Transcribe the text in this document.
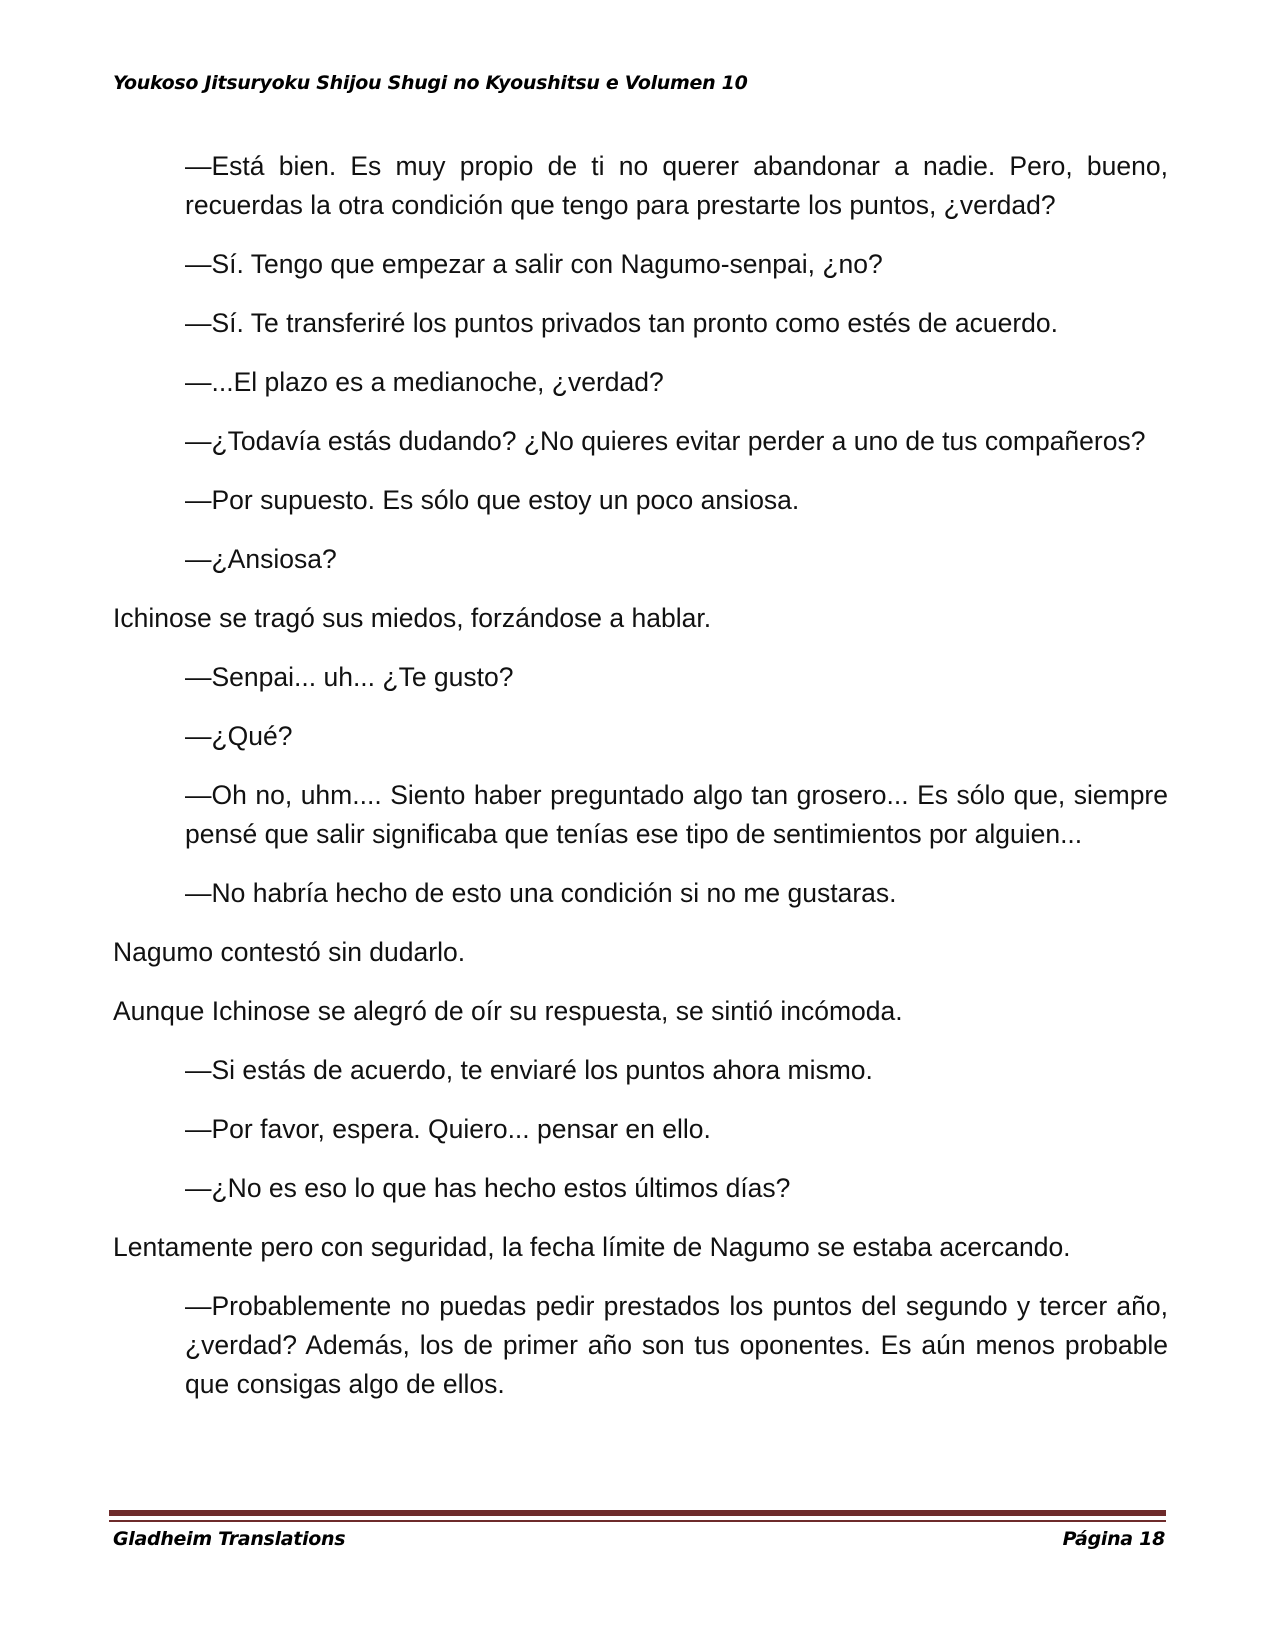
Youkoso Jitsuryoku Shijou Shugi no Kyoushitsu e Volumen 10

—Está bien. Es muy propio de ti no querer abandonar a nadie. Pero, bueno, recuerdas la otra condición que tengo para prestarte los puntos, ¿verdad?

—Sí. Tengo que empezar a salir con Nagumo-senpai, ¿no?

—Sí. Te transferiré los puntos privados tan pronto como estés de acuerdo.

—...El plazo es a medianoche, ¿verdad?

—¿Todavía estás dudando? ¿No quieres evitar perder a uno de tus compañeros?

—Por supuesto. Es sólo que estoy un poco ansiosa.

—¿Ansiosa?

Ichinose se tragó sus miedos, forzándose a hablar.

—Senpai... uh... ¿Te gusto?

—¿Qué?

—Oh no, uhm.... Siento haber preguntado algo tan grosero... Es sólo que, siempre pensé que salir significaba que tenías ese tipo de sentimientos por alguien...

—No habría hecho de esto una condición si no me gustaras.

Nagumo contestó sin dudarlo.

Aunque Ichinose se alegró de oír su respuesta, se sintió incómoda.

—Si estás de acuerdo, te enviaré los puntos ahora mismo.

—Por favor, espera. Quiero... pensar en ello.

—¿No es eso lo que has hecho estos últimos días?

Lentamente pero con seguridad, la fecha límite de Nagumo se estaba acercando.

—Probablemente no puedas pedir prestados los puntos del segundo y tercer año, ¿verdad? Además, los de primer año son tus oponentes. Es aún menos probable que consigas algo de ellos.

Gladheim Translations	Página 18
